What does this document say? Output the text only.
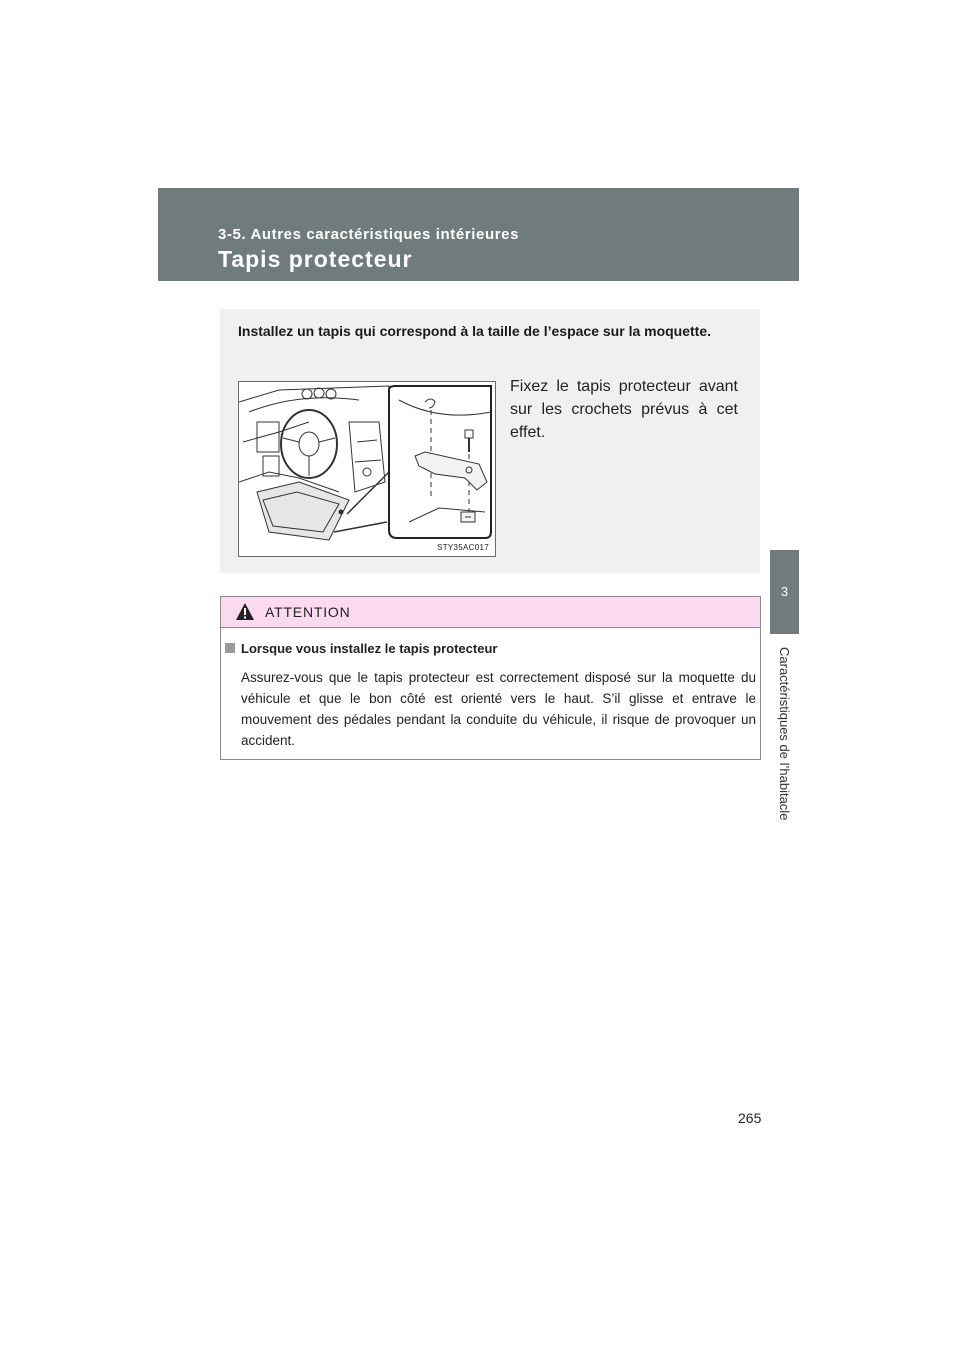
3-5. Autres caractéristiques intérieures
Tapis protecteur
3
Caractéristiques de l’habitacle
Installez un tapis qui correspond à la taille de l’espace sur la moquette.
STY35AC017
Fixez le tapis protecteur avant sur les crochets prévus à cet effet.
ATTENTION
Lorsque vous installez le tapis protecteur
Assurez-vous que le tapis protecteur est correctement disposé sur la moquette du véhicule et que le bon côté est orienté vers le haut. S’il glisse et entrave le mouvement des pédales pendant la conduite du véhicule, il risque de provoquer un accident.
265
